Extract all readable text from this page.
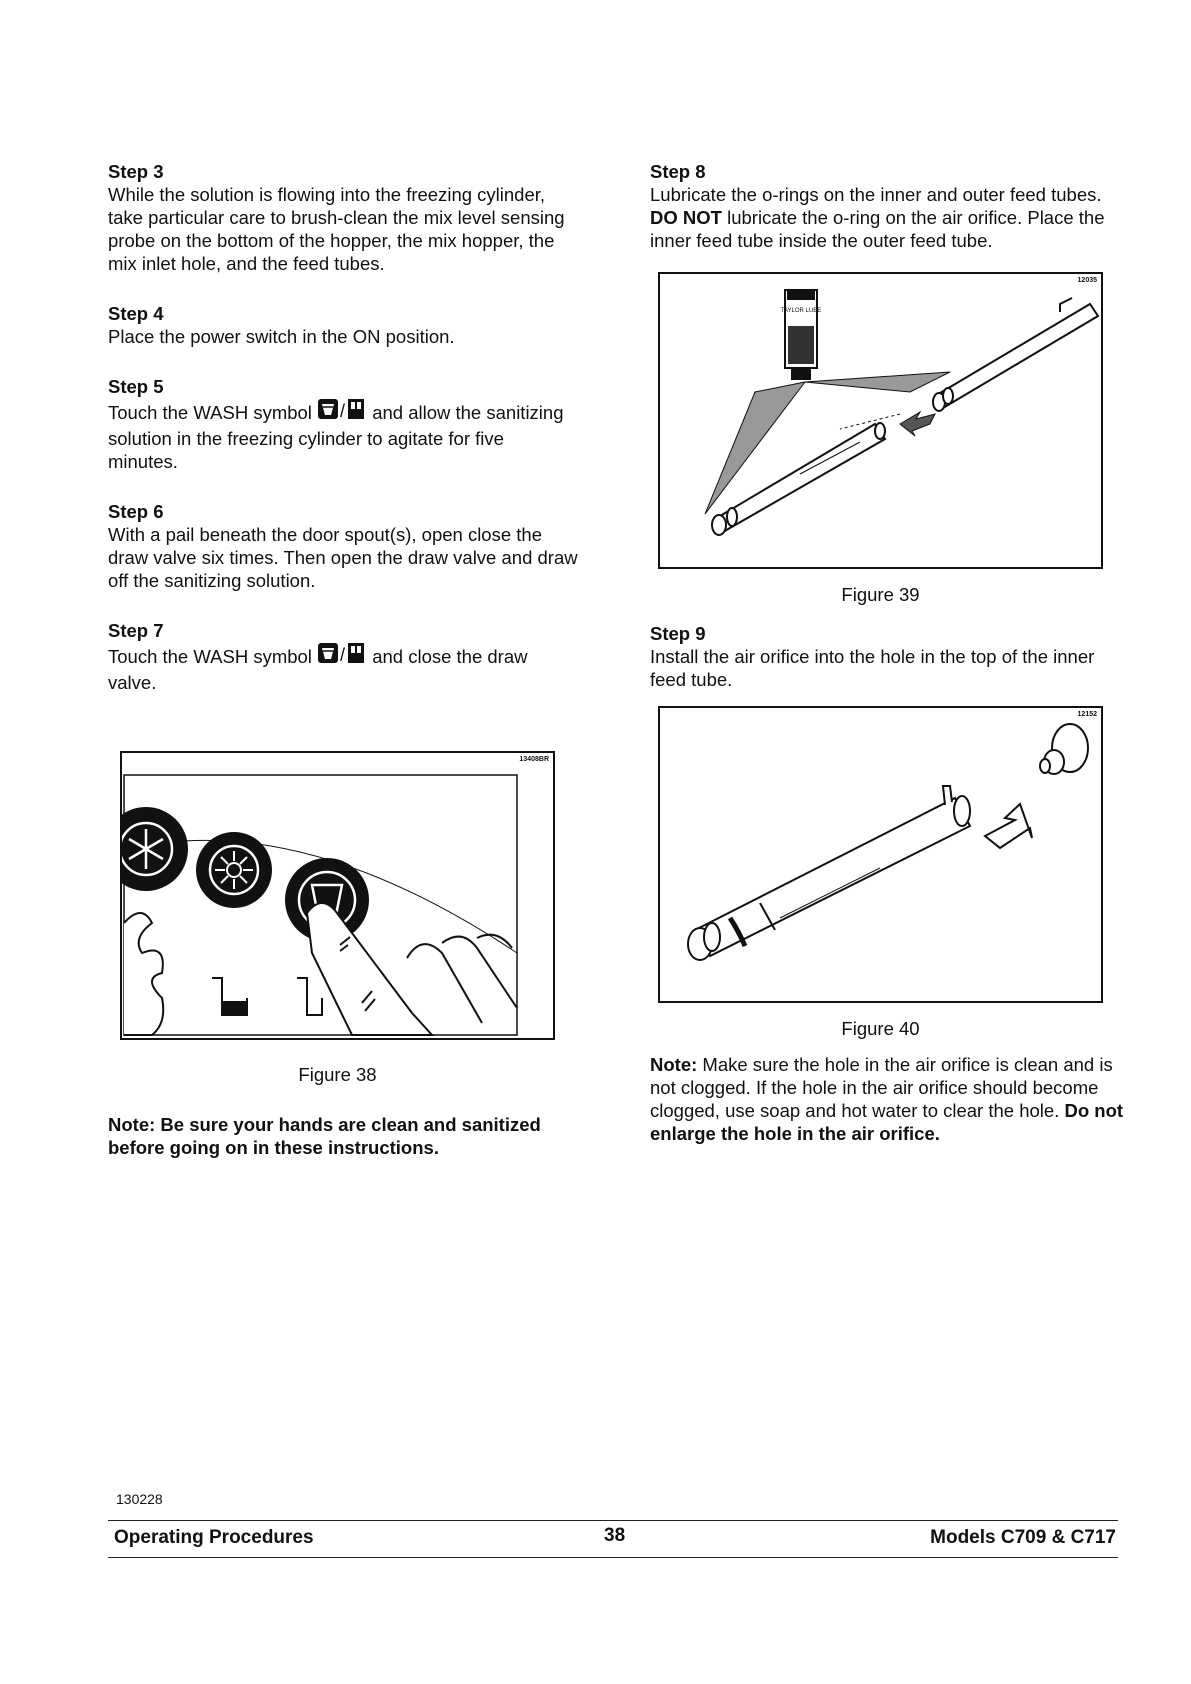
Step 3

While the solution is flowing into the freezing cylinder, take particular care to brush-clean the mix level sensing probe on the bottom of the hopper, the mix hopper, the mix inlet hole, and the feed tubes.

Step 4

Place the power switch in the ON position.

Step 5

Touch the WASH symbol / and allow the sanitizing solution in the freezing cylinder to agitate for five minutes.

Step 6

With a pail beneath the door spout(s), open close the draw valve six times. Then open the draw valve and draw off the sanitizing solution.

Step 7

Touch the WASH symbol / and close the draw valve.

13408BR
Figure 38
Note: Be sure your hands are clean and sanitized before going on in these instructions.

Step 8

Lubricate the o-rings on the inner and outer feed tubes. DO NOT lubricate the o-ring on the air orifice. Place the inner feed tube inside the outer feed tube.

12035
TAYLOR LUBE
Figure 39

Step 9

Install the air orifice into the hole in the top of the inner feed tube.

12152
Figure 40
Note: Make sure the hole in the air orifice is clean and is not clogged. If the hole in the air orifice should become clogged, use soap and hot water to clear the hole. Do not enlarge the hole in the air orifice.
130228
Operating Procedures	38	Models C709 & C717
